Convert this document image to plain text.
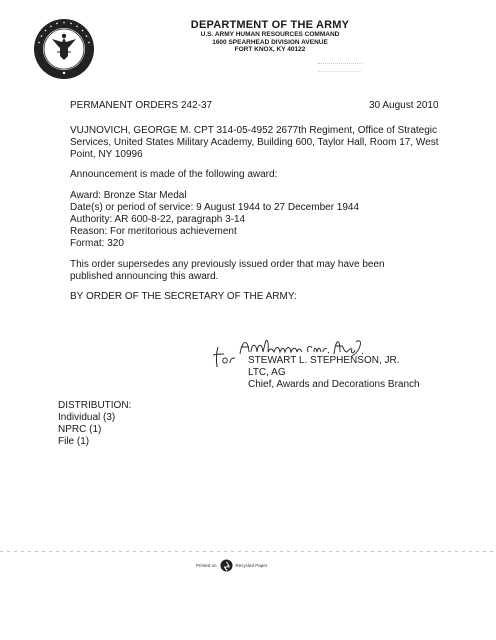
DEPARTMENT OF THE ARMY
U.S. ARMY HUMAN RESOURCES COMMAND
1600 SPEARHEAD DIVISION AVENUE
FORT KNOX, KY 40122
PERMANENT ORDERS 242-37	30 August 2010
VUJNOVICH, GEORGE M. CPT 314-05-4952 2677th Regiment, Office of Strategic
Services, United States Military Academy, Building 600, Taylor Hall, Room 17, West
Point, NY 10996
Announcement is made of the following award:
Award: Bronze Star Medal
Date(s) or period of service: 9 August 1944 to 27 December 1944
Authority: AR 600-8-22, paragraph 3-14
Reason: For meritorious achievement
Format: 320
This order supersedes any previously issued order that may have been
published announcing this award.
BY ORDER OF THE SECRETARY OF THE ARMY:
STEWART L. STEPHENSON, JR.
LTC, AG
Chief, Awards and Decorations Branch
DISTRIBUTION:
Individual (3)
NPRC (1)
File (1)
Printed on	Recycled Paper
